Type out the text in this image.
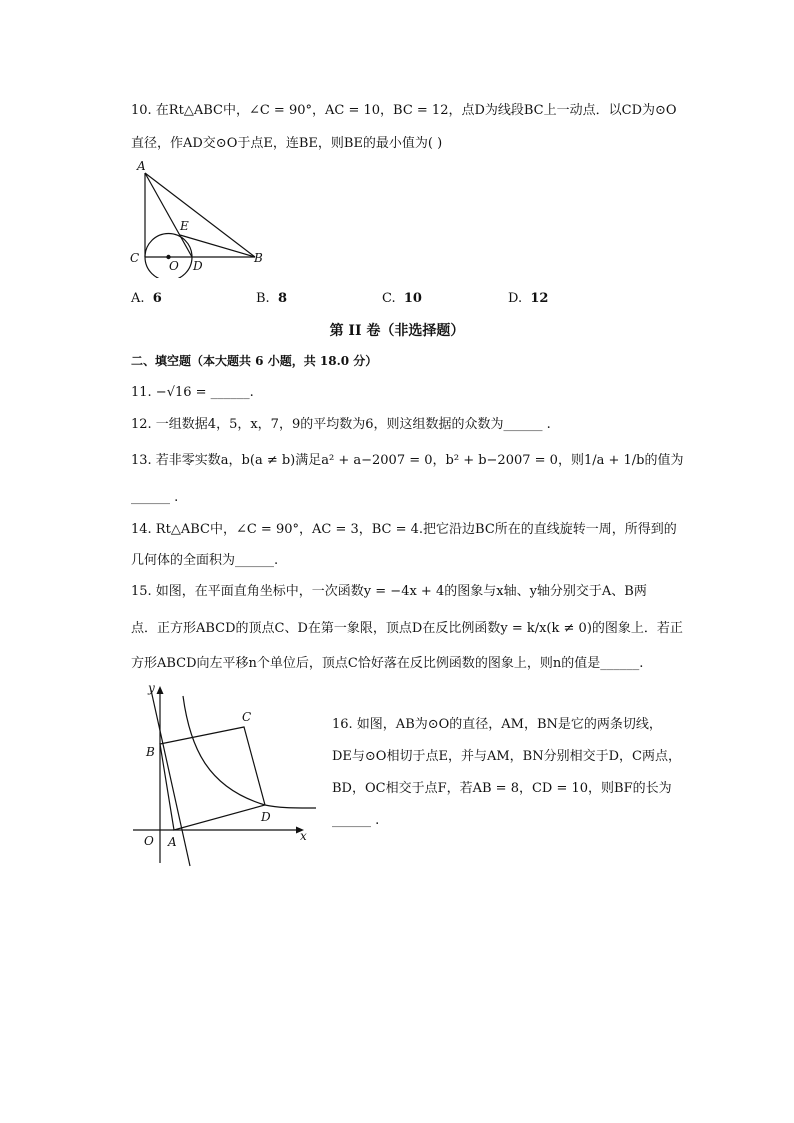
10. 在Rt△ABC中，∠C = 90°，AC = 10，BC = 12，点D为线段BC上一动点．以CD为⊙O
直径，作AD交⊙O于点E，连BE，则BE的最小值为( )
A
E
C
O D
B
A. 6	B. 8	C. 10	D. 12
第 II 卷（非选择题）
二、填空题（本大题共 6 小题，共 18.0 分）
11. −√16 = ______.
12. 一组数据4，5，x，7，9的平均数为6，则这组数据的众数为______ .
13. 若非零实数a，b(a ≠ b)满足a² + a−2007 = 0，b² + b−2007 = 0，则1/a + 1/b的值为
______ .
14. Rt△ABC中，∠C = 90°，AC = 3，BC = 4.把它沿边BC所在的直线旋转一周，所得到的
几何体的全面积为______.
15. 如图，在平面直角坐标中，一次函数y = −4x + 4的图象与x轴、y轴分别交于A、B两
点．正方形ABCD的顶点C、D在第一象限，顶点D在反比例函数y = k/x(k ≠ 0)的图象上．若正
方形ABCD向左平移n个单位后，顶点C恰好落在反比例函数的图象上，则n的值是______.
y
B
C
D
O A	x
16. 如图，AB为⊙O的直径，AM，BN是它的两条切线，
DE与⊙O相切于点E，并与AM，BN分别相交于D，C两点，
BD，OC相交于点F，若AB = 8，CD = 10，则BF的长为
______ .
